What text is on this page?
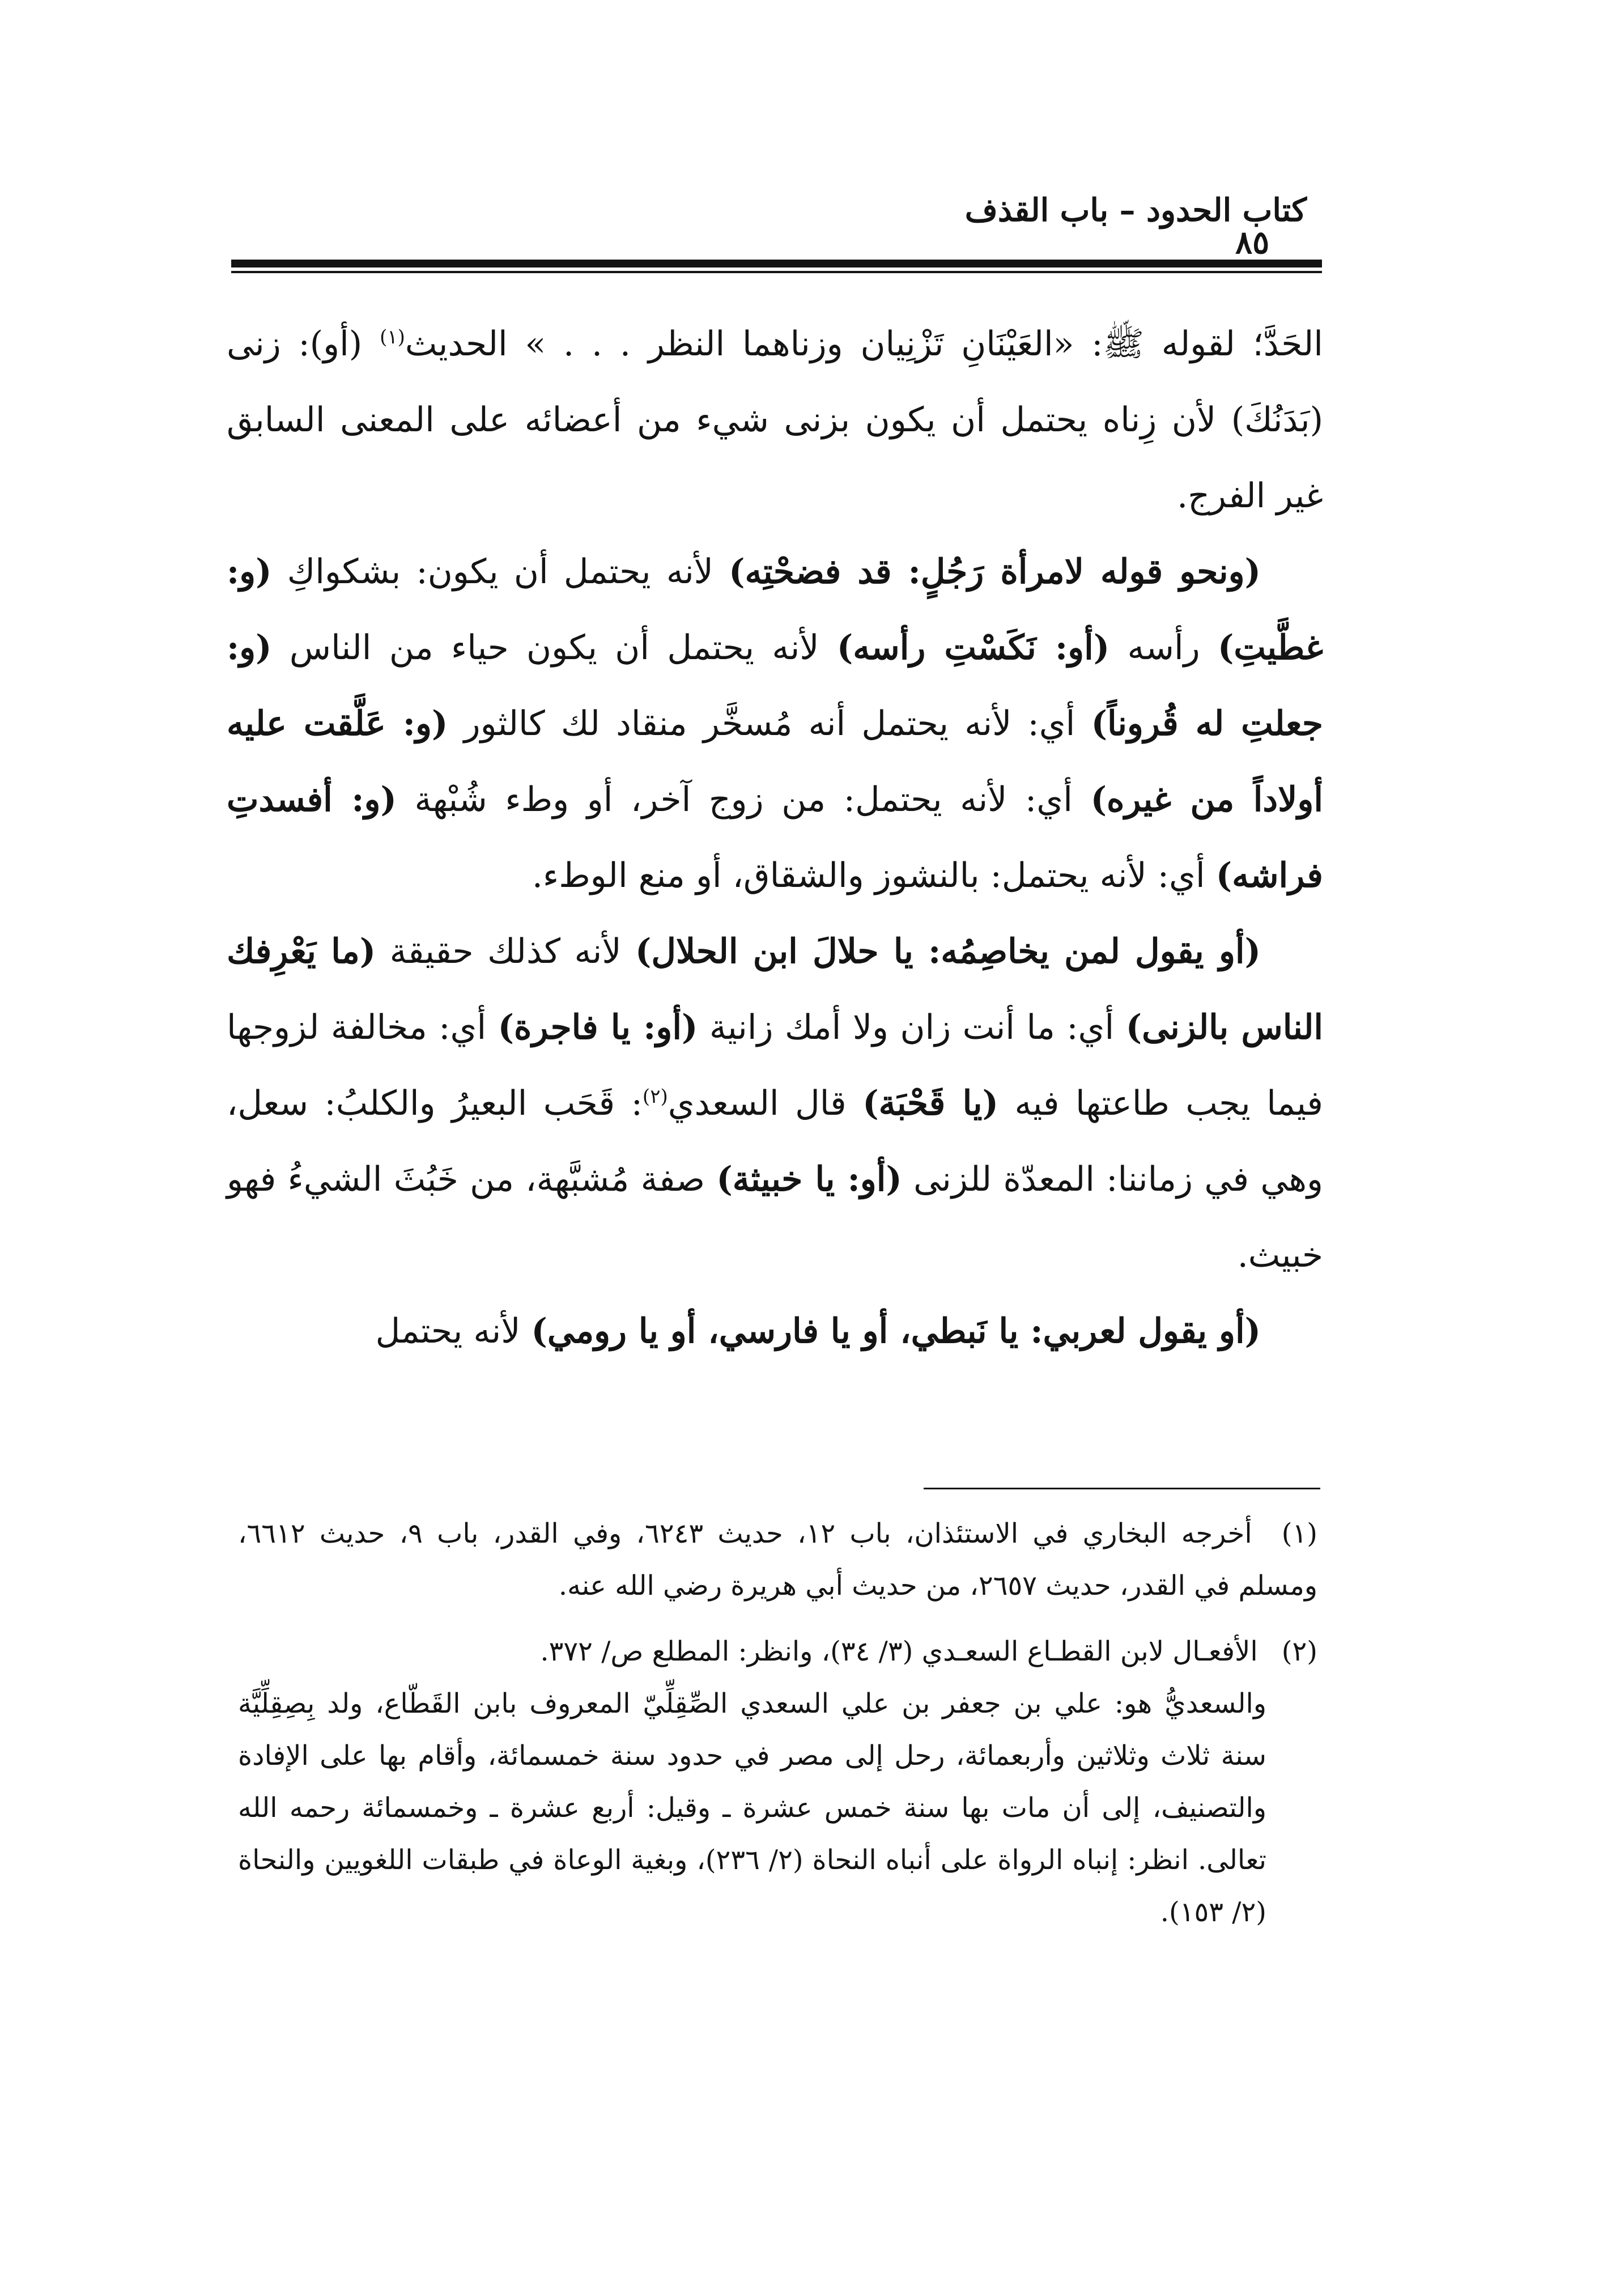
كتاب الحدود – باب القذف
٨٥

الحَدَّ؛ لقوله ﷺ: «العَيْنَانِ تَزْنِيان وزناهما النظر . . . » الحديث$^{(١)}$ (أو): زنى (بَدَنُكَ) لأن زِناه يحتمل أن يكون بزنى شيء من أعضائه على المعنى السابق غير الفرج.

(ونحو قوله لامرأة رَجُلٍ: قد فضحْتِه) لأنه يحتمل أن يكون: بشكواكِ (و: غطَّيتِ) رأسه (أو: نَكَسْتِ رأسه) لأنه يحتمل أن يكون حياء من الناس (و: جعلتِ له قُروناً) أي: لأنه يحتمل أنه مُسخَّر منقاد لك كالثور (و: عَلَّقت عليه أولاداً من غيره) أي: لأنه يحتمل: من زوج آخر، أو وطء شُبْهة (و: أفسدتِ فراشه) أي: لأنه يحتمل: بالنشوز والشقاق، أو منع الوطء.

(أو يقول لمن يخاصِمُه: يا حلالَ ابن الحلال) لأنه كذلك حقيقة (ما يَعْرِفك الناس بالزنى) أي: ما أنت زان ولا أمك زانية (أو: يا فاجرة) أي: مخالفة لزوجها فيما يجب طاعتها فيه (يا قَحْبَة) قال السعدي$^{(٢)}$: قَحَب البعيرُ والكلبُ: سعل، وهي في زماننا: المعدّة للزنى (أو: يا خبيثة) صفة مُشبَّهة، من خَبُثَ الشيءُ فهو خبيث.

(أو يقول لعربي: يا نَبطي، أو يا فارسي، أو يا رومي) لأنه يحتمل

(١) أخرجه البخاري في الاستئذان، باب ١٢، حديث ٦٢٤٣، وفي القدر، باب ٩، حديث ٦٦١٢، ومسلم في القدر، حديث ٢٦٥٧، من حديث أبي هريرة رضي الله عنه.
(٢) الأفعـال لابن القطـاع السعـدي (٣/ ٣٤)، وانظر: المطلع ص/ ٣٧٢.

والسعديُّ هو: علي بن جعفر بن علي السعدي الصِّقِلِّيّ المعروف بابن القَطّاع، ولد بِصِقِلِّيَّة سنة ثلاث وثلاثين وأربعمائة، رحل إلى مصر في حدود سنة خمسمائة، وأقام بها على الإفادة والتصنيف، إلى أن مات بها سنة خمس عشرة ـ وقيل: أربع عشرة ـ وخمسمائة رحمه الله تعالى. انظر: إنباه الرواة على أنباه النحاة (٢/ ٢٣٦)، وبغية الوعاة في طبقات اللغويين والنحاة (٢/ ١٥٣).
